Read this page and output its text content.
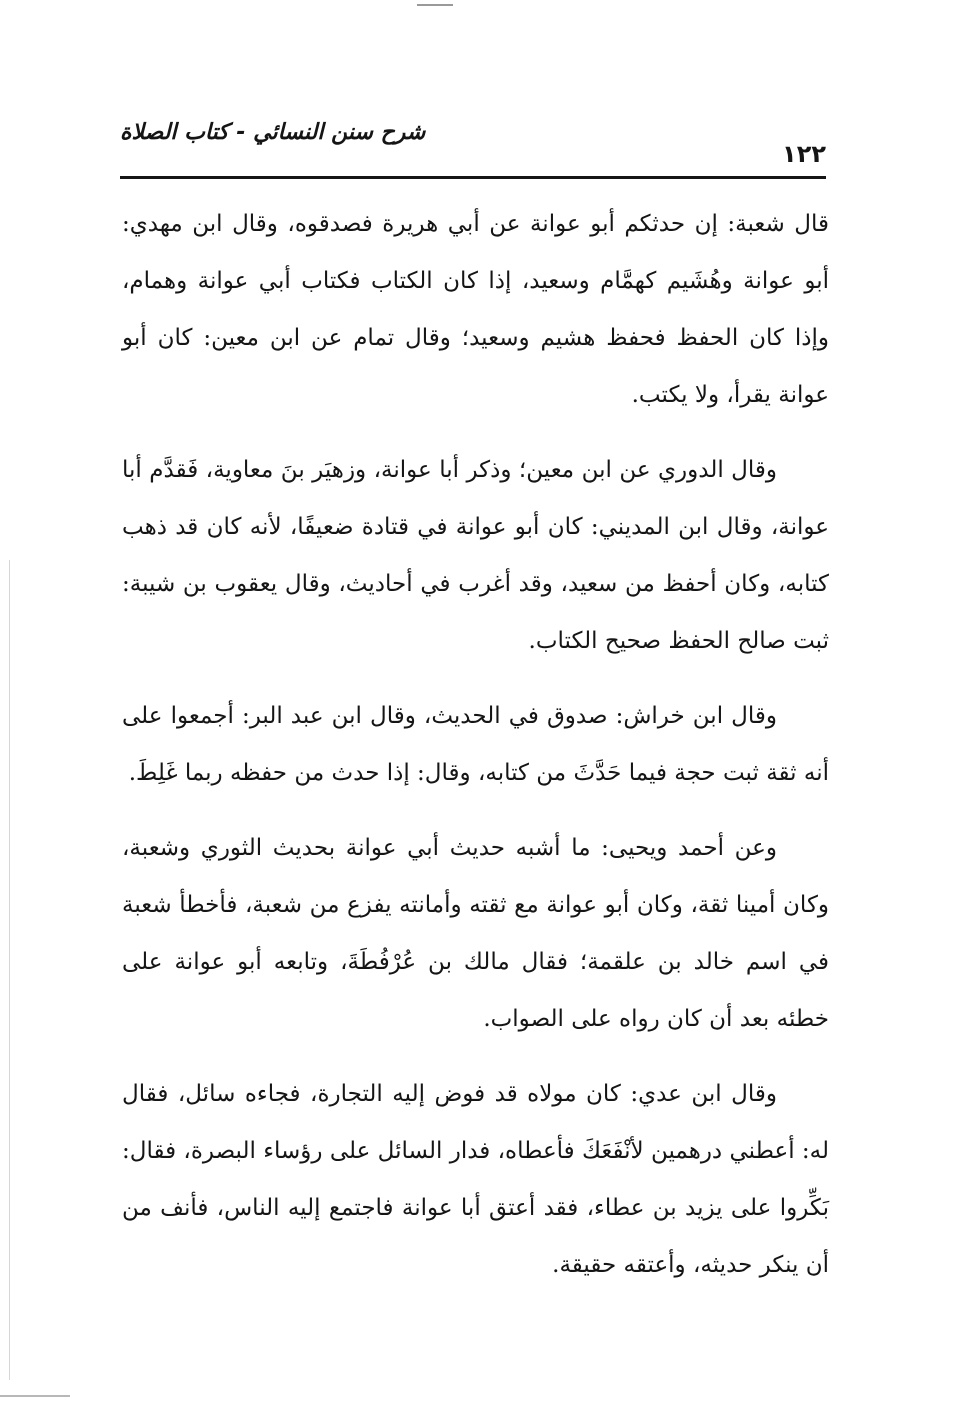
شرح سنن النسائي - كتاب الصلاة
١٢٢

قال شعبة: إن حدثكم أبو عوانة عن أبي هريرة فصدقوه، وقال ابن مهدي: أبو عوانة وهُشَيم كهمَّام وسعيد، إذا كان الكتاب فكتاب أبي عوانة وهمام، وإذا كان الحفظ فحفظ هشيم وسعيد؛ وقال تمام عن ابن معين: كان أبو عوانة يقرأ، ولا يكتب.

وقال الدوري عن ابن معين؛ وذكر أبا عوانة، وزهيَر بنَ معاوية، فَقدَّم أبا عوانة، وقال ابن المديني: كان أبو عوانة في قتادة ضعيفًا، لأنه كان قد ذهب كتابه، وكان أحفظ من سعيد، وقد أغرب في أحاديث، وقال يعقوب بن شيبة: ثبت صالح الحفظ صحيح الكتاب.

وقال ابن خراش: صدوق في الحديث، وقال ابن عبد البر: أجمعوا على أنه ثقة ثبت حجة فيما حَدَّثَ من كتابه، وقال: إذا حدث من حفظه ربما غَلِطَ.

وعن أحمد ويحيى: ما أشبه حديث أبي عوانة بحديث الثوري وشعبة، وكان أمينا ثقة، وكان أبو عوانة مع ثقته وأمانته يفزع من شعبة، فأخطأ شعبة في اسم خالد بن علقمة؛ فقال مالك بن عُرْفُطَةَ، وتابعه أبو عوانة على خطئه بعد أن كان رواه على الصواب.

وقال ابن عدي: كان مولاه قد فوض إليه التجارة، فجاءه سائل، فقال له: أعطني درهمين لأنْفَعَكَ فأعطاه، فدار السائل على رؤساء البصرة، فقال: بَكِّروا على يزيد بن عطاء، فقد أعتق أبا عوانة فاجتمع إليه الناس، فأنف من أن ينكر حديثه، وأعتقه حقيقة.
